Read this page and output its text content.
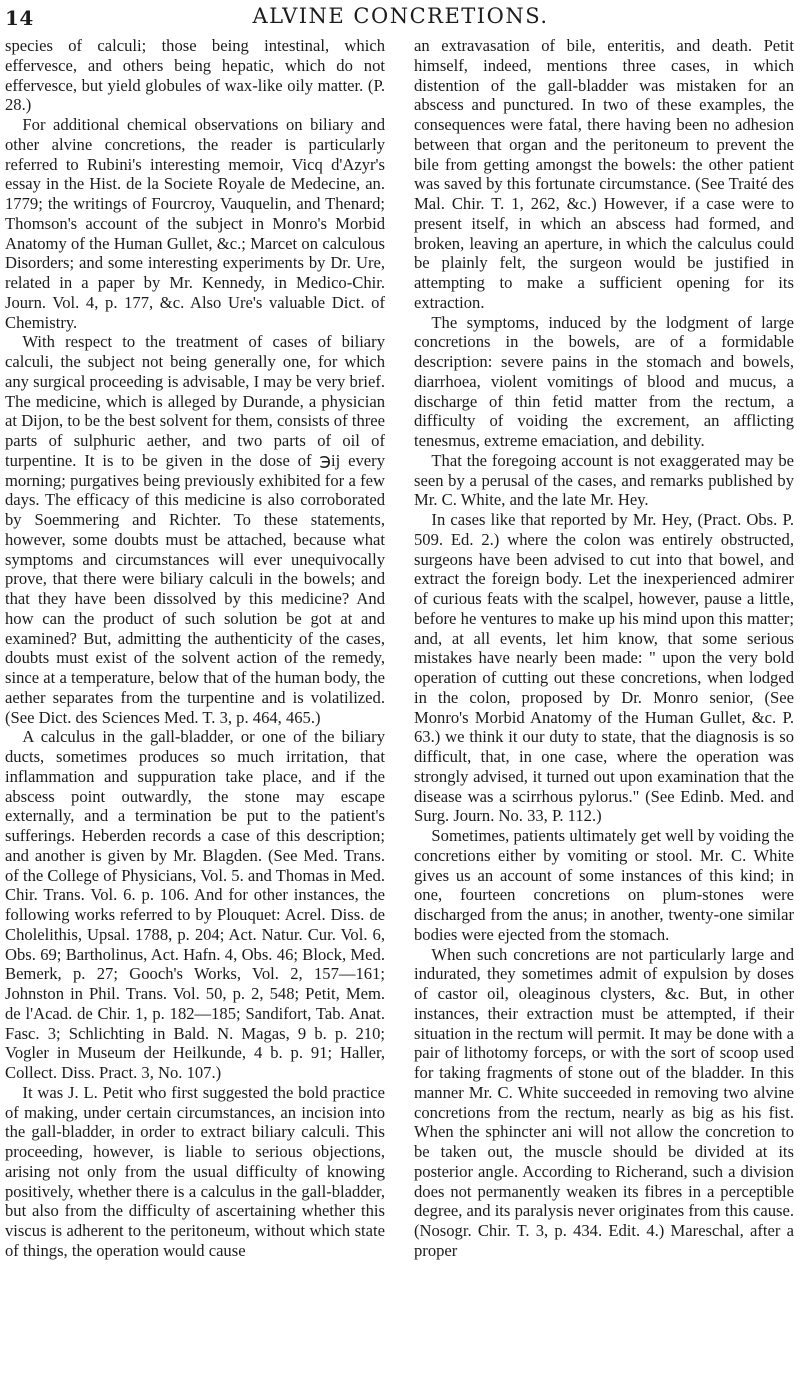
14	ALVINE CONCRETIONS.

species of calculi; those being intestinal, which effervesce, and others being hepatic, which do not effervesce, but yield globules of wax-like oily matter. (P. 28.)

For additional chemical observations on biliary and other alvine concretions, the reader is particularly referred to Rubini's interesting memoir, Vicq d'Azyr's essay in the Hist. de la Societe Royale de Medecine, an. 1779; the writings of Fourcroy, Vauquelin, and Thenard; Thomson's account of the subject in Monro's Morbid Anatomy of the Human Gullet, &c.; Marcet on calculous Disorders; and some interesting experiments by Dr. Ure, related in a paper by Mr. Kennedy, in Medico-Chir. Journ. Vol. 4, p. 177, &c. Also Ure's valuable Dict. of Chemistry.

With respect to the treatment of cases of biliary calculi, the subject not being generally one, for which any surgical proceeding is advisable, I may be very brief. The medicine, which is alleged by Durande, a physician at Dijon, to be the best solvent for them, consists of three parts of sulphuric aether, and two parts of oil of turpentine. It is to be given in the dose of ℈ij every morning; purgatives being previously exhibited for a few days. The efficacy of this medicine is also corroborated by Soemmering and Richter. To these statements, however, some doubts must be attached, because what symptoms and circumstances will ever unequivocally prove, that there were biliary calculi in the bowels; and that they have been dissolved by this medicine? And how can the product of such solution be got at and examined? But, admitting the authenticity of the cases, doubts must exist of the solvent action of the remedy, since at a temperature, below that of the human body, the aether separates from the turpentine and is volatilized. (See Dict. des Sciences Med. T. 3, p. 464, 465.)

A calculus in the gall-bladder, or one of the biliary ducts, sometimes produces so much irritation, that inflammation and suppuration take place, and if the abscess point outwardly, the stone may escape externally, and a termination be put to the patient's sufferings. Heberden records a case of this description; and another is given by Mr. Blagden. (See Med. Trans. of the College of Physicians, Vol. 5. and Thomas in Med. Chir. Trans. Vol. 6. p. 106. And for other instances, the following works referred to by Plouquet: Acrel. Diss. de Cholelithis, Upsal. 1788, p. 204; Act. Natur. Cur. Vol. 6, Obs. 69; Bartholinus, Act. Hafn. 4, Obs. 46; Block, Med. Bemerk, p. 27; Gooch's Works, Vol. 2, 157—161; Johnston in Phil. Trans. Vol. 50, p. 2, 548; Petit, Mem. de l'Acad. de Chir. 1, p. 182—185; Sandifort, Tab. Anat. Fasc. 3; Schlichting in Bald. N. Magas, 9 b. p. 210; Vogler in Museum der Heilkunde, 4 b. p. 91; Haller, Collect. Diss. Pract. 3, No. 107.)

It was J. L. Petit who first suggested the bold practice of making, under certain circumstances, an incision into the gall-bladder, in order to extract biliary calculi. This proceeding, however, is liable to serious objections, arising not only from the usual difficulty of knowing positively, whether there is a calculus in the gall-bladder, but also from the difficulty of ascertaining whether this viscus is adherent to the peritoneum, without which state of things, the operation would cause

an extravasation of bile, enteritis, and death. Petit himself, indeed, mentions three cases, in which distention of the gall-bladder was mistaken for an abscess and punctured. In two of these examples, the consequences were fatal, there having been no adhesion between that organ and the peritoneum to prevent the bile from getting amongst the bowels: the other patient was saved by this fortunate circumstance. (See Traité des Mal. Chir. T. 1, 262, &c.) However, if a case were to present itself, in which an abscess had formed, and broken, leaving an aperture, in which the calculus could be plainly felt, the surgeon would be justified in attempting to make a sufficient opening for its extraction.

The symptoms, induced by the lodgment of large concretions in the bowels, are of a formidable description: severe pains in the stomach and bowels, diarrhoea, violent vomitings of blood and mucus, a discharge of thin fetid matter from the rectum, a difficulty of voiding the excrement, an afflicting tenesmus, extreme emaciation, and debility.

That the foregoing account is not exaggerated may be seen by a perusal of the cases, and remarks published by Mr. C. White, and the late Mr. Hey.

In cases like that reported by Mr. Hey, (Pract. Obs. P. 509. Ed. 2.) where the colon was entirely obstructed, surgeons have been advised to cut into that bowel, and extract the foreign body. Let the inexperienced admirer of curious feats with the scalpel, however, pause a little, before he ventures to make up his mind upon this matter; and, at all events, let him know, that some serious mistakes have nearly been made: " upon the very bold operation of cutting out these concretions, when lodged in the colon, proposed by Dr. Monro senior, (See Monro's Morbid Anatomy of the Human Gullet, &c. P. 63.) we think it our duty to state, that the diagnosis is so difficult, that, in one case, where the operation was strongly advised, it turned out upon examination that the disease was a scirrhous pylorus." (See Edinb. Med. and Surg. Journ. No. 33, P. 112.)

Sometimes, patients ultimately get well by voiding the concretions either by vomiting or stool. Mr. C. White gives us an account of some instances of this kind; in one, fourteen concretions on plum-stones were discharged from the anus; in another, twenty-one similar bodies were ejected from the stomach.

When such concretions are not particularly large and indurated, they sometimes admit of expulsion by doses of castor oil, oleaginous clysters, &c. But, in other instances, their extraction must be attempted, if their situation in the rectum will permit. It may be done with a pair of lithotomy forceps, or with the sort of scoop used for taking fragments of stone out of the bladder. In this manner Mr. C. White succeeded in removing two alvine concretions from the rectum, nearly as big as his fist. When the sphincter ani will not allow the concretion to be taken out, the muscle should be divided at its posterior angle. According to Richerand, such a division does not permanently weaken its fibres in a perceptible degree, and its paralysis never originates from this cause. (Nosogr. Chir. T. 3, p. 434. Edit. 4.) Mareschal, after a proper
